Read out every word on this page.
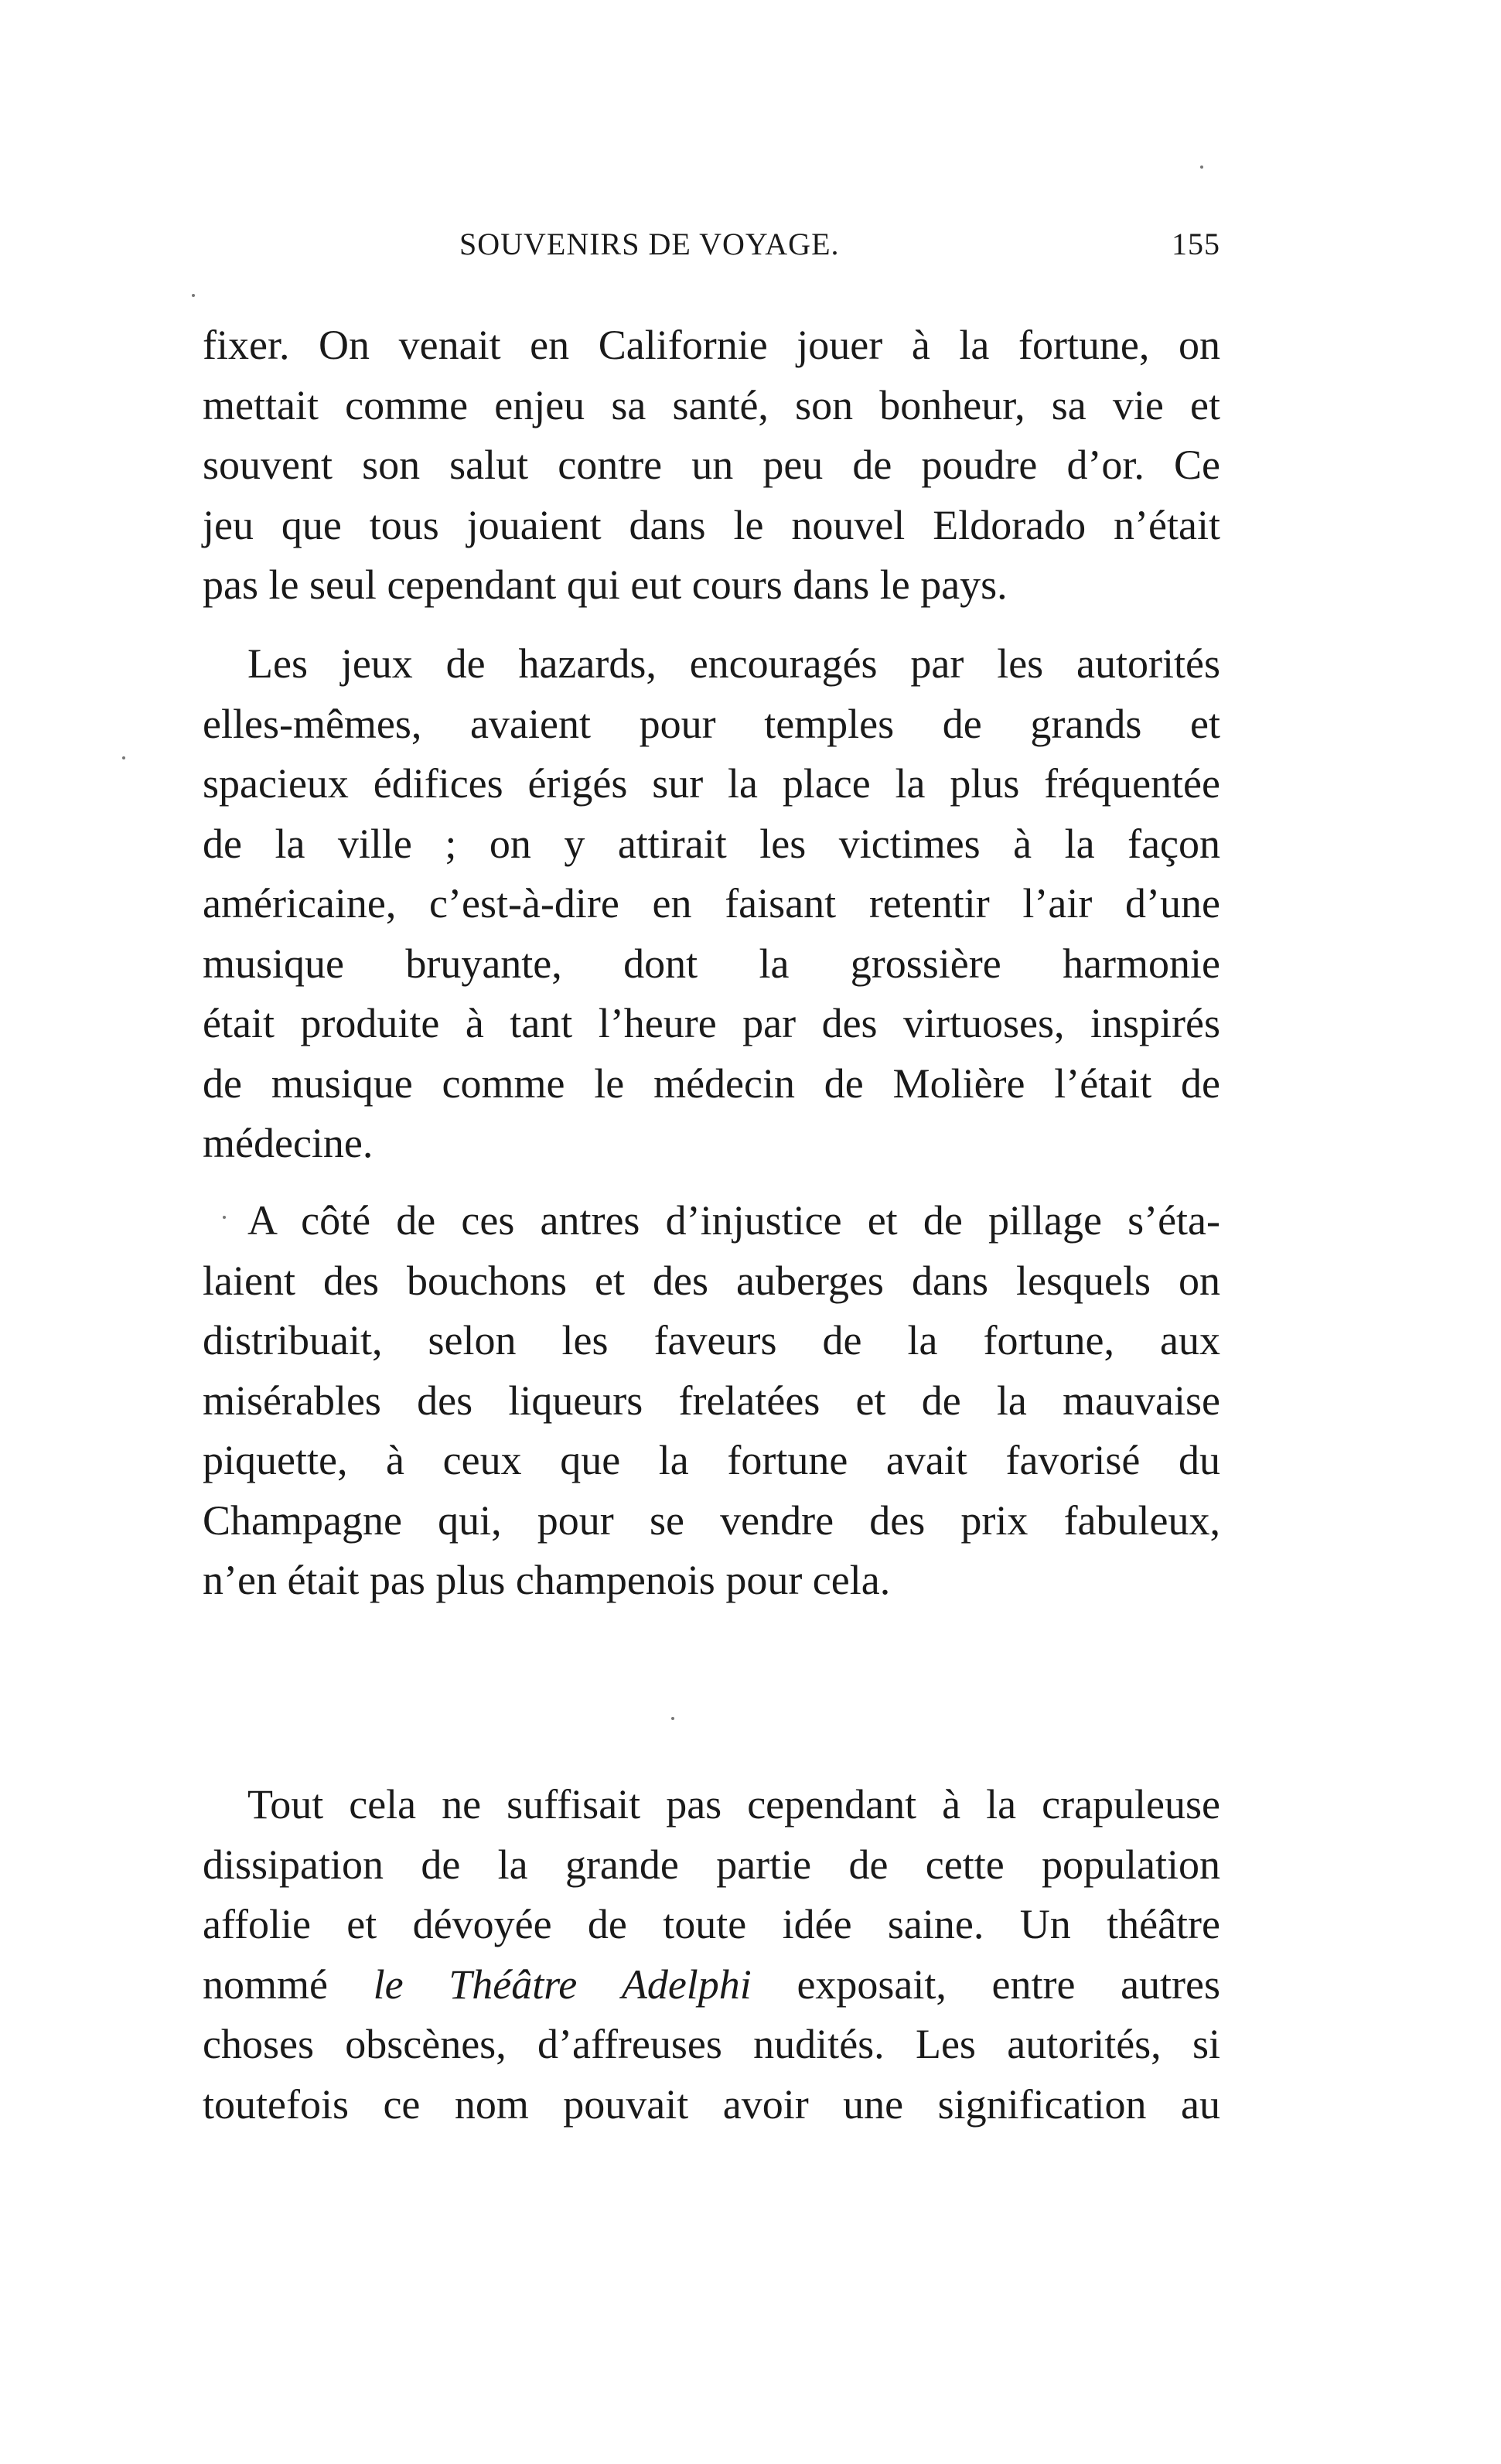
SOUVENIRS DE VOYAGE.	155
fixer. On venait en Californie jouer à la fortune, on
mettait comme enjeu sa santé, son bonheur, sa vie et
souvent son salut contre un peu de poudre d’or. Ce
jeu que tous jouaient dans le nouvel Eldorado n’était
pas le seul cependant qui eut cours dans le pays.
Les jeux de hazards, encouragés par les autorités
elles-mêmes, avaient pour temples de grands et
spacieux édifices érigés sur la place la plus fréquentée
de la ville ; on y attirait les victimes à la façon
américaine, c’est-à-dire en faisant retentir l’air d’une
musique bruyante, dont la grossière harmonie
était produite à tant l’heure par des virtuoses, inspirés
de musique comme le médecin de Molière l’était de
médecine.
A côté de ces antres d’injustice et de pillage s’éta-
laient des bouchons et des auberges dans lesquels on
distribuait, selon les faveurs de la fortune, aux
misérables des liqueurs frelatées et de la mauvaise
piquette, à ceux que la fortune avait favorisé du
Champagne qui, pour se vendre des prix fabuleux,
n’en était pas plus champenois pour cela.
Tout cela ne suffisait pas cependant à la crapuleuse
dissipation de la grande partie de cette population
affolie et dévoyée de toute idée saine. Un théâtre
nommé le Théâtre Adelphi exposait, entre autres
choses obscènes, d’affreuses nudités. Les autorités, si
toutefois ce nom pouvait avoir une signification au
